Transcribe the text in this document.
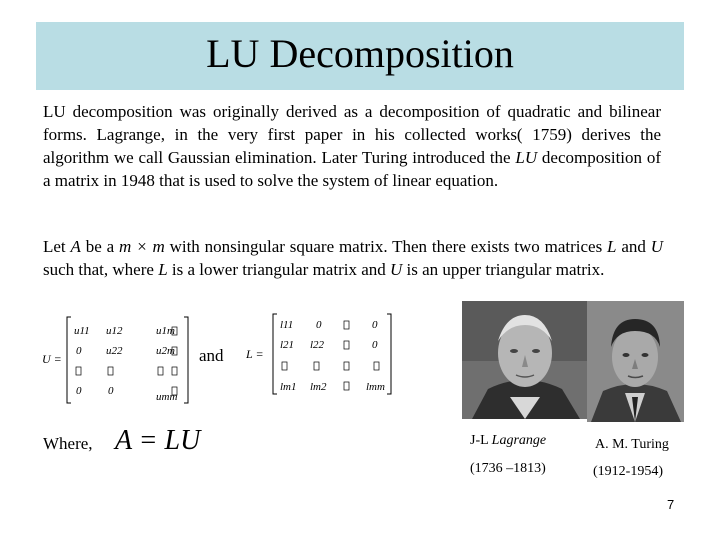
LU Decomposition
LU decomposition was originally derived as a decomposition of quadratic and bilinear forms. Lagrange, in the very first paper in his collected works( 1759) derives the algorithm we call Gaussian elimination. Later Turing introduced the LU decomposition of a matrix in 1948 that is used to solve the system of linear equation.
Let A be a m × m with nonsingular square matrix. Then there exists two matrices L and U such that, where L is a lower triangular matrix and U is an upper triangular matrix.
U =
u11 u12	u1m
0 u22	u2m
0 0	umm
and L =
l11 0	0
l21 l22	0
lm1 lm2	lmm
Where, A = LU	J-L Lagrange
(1736 –1813)
A. M. Turing
(1912-1954)
7
